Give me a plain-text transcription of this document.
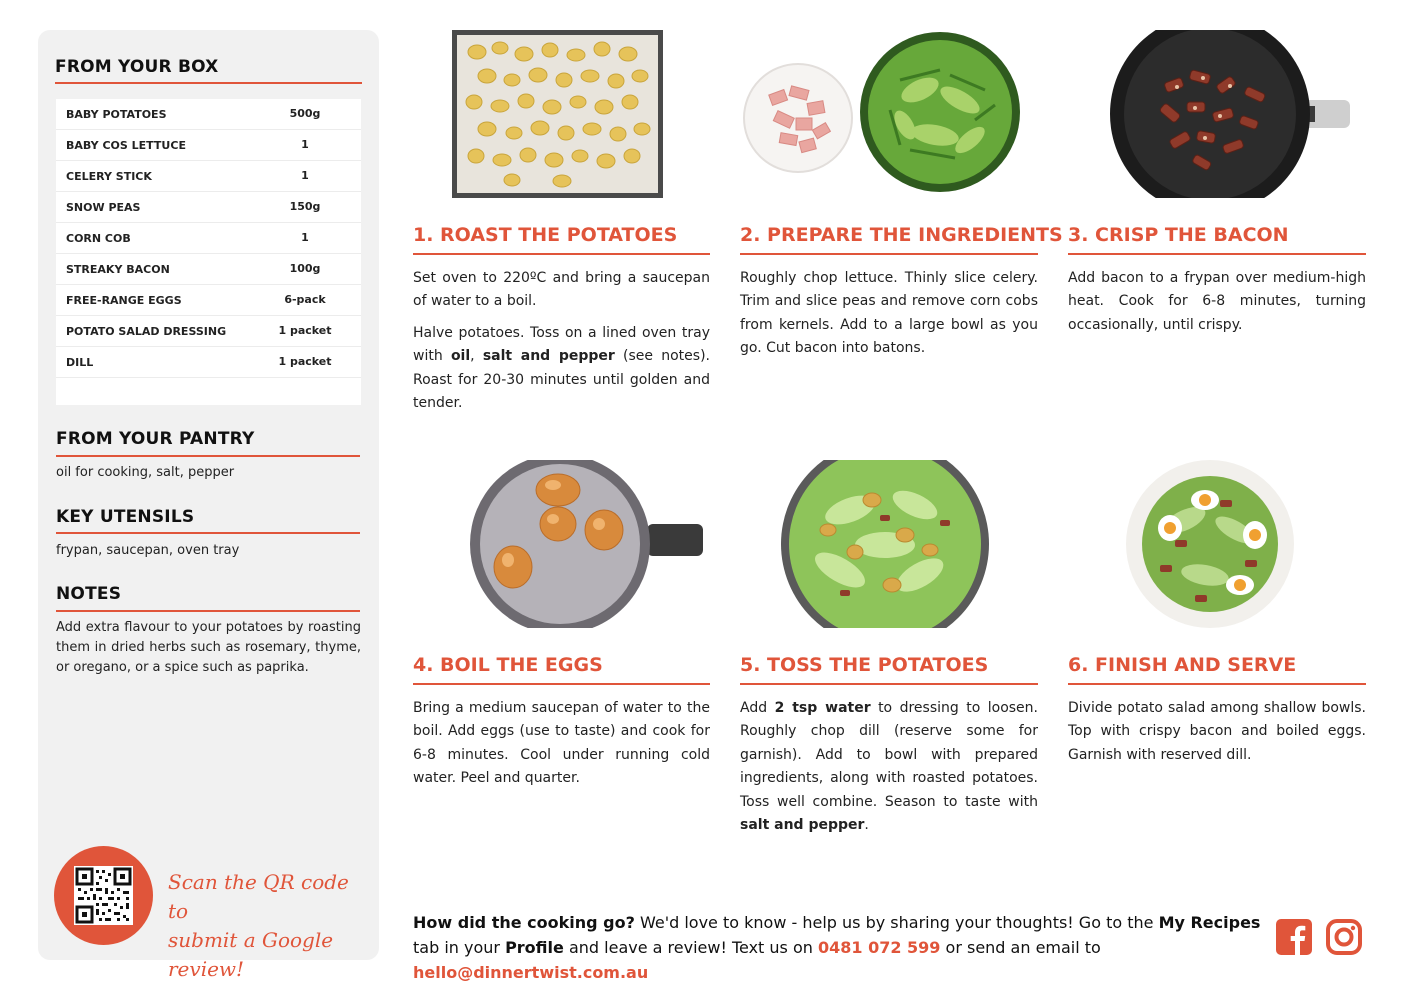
FROM YOUR BOX
BABY POTATOES	500g
BABY COS LETTUCE	1
CELERY STICK	1
SNOW PEAS	150g
CORN COB	1
STREAKY BACON	100g
FREE-RANGE EGGS	6-pack
POTATO SALAD DRESSING	1 packet
DILL	1 packet
FROM YOUR PANTRY
oil for cooking, salt, pepper
KEY UTENSILS
frypan, saucepan, oven tray
NOTES
Add extra flavour to your potatoes by roasting them in dried herbs such as rosemary, thyme, or oregano, or a spice such as paprika.
Scan the QR code to
submit a Google review!
1. ROAST THE POTATOES

Set oven to 220ºC and bring a saucepan of water to a boil.

Halve potatoes. Toss on a lined oven tray with oil, salt and pepper (see notes). Roast for 20-30 minutes until golden and tender.

2. PREPARE THE INGREDIENTS

Roughly chop lettuce. Thinly slice celery. Trim and slice peas and remove corn cobs from kernels. Add to a large bowl as you go. Cut bacon into batons.

3. CRISP THE BACON

Add bacon to a frypan over medium-high heat. Cook for 6-8 minutes, turning occasionally, until crispy.

4. BOIL THE EGGS

Bring a medium saucepan of water to the boil. Add eggs (use to taste) and cook for 6-8 minutes. Cool under running cold water. Peel and quarter.

5. TOSS THE POTATOES

Add 2 tsp water to dressing to loosen. Roughly chop dill (reserve some for garnish). Add to bowl with prepared ingredients, along with roasted potatoes. Toss well combine. Season to taste with salt and pepper.

6. FINISH AND SERVE

Divide potato salad among shallow bowls. Top with crispy bacon and boiled eggs. Garnish with reserved dill.

How did the cooking go? We'd love to know - help us by sharing your thoughts! Go to the My Recipes tab in your Profile and leave a review! Text us on 0481 072 599 or send an email to hello@dinnertwist.com.au
